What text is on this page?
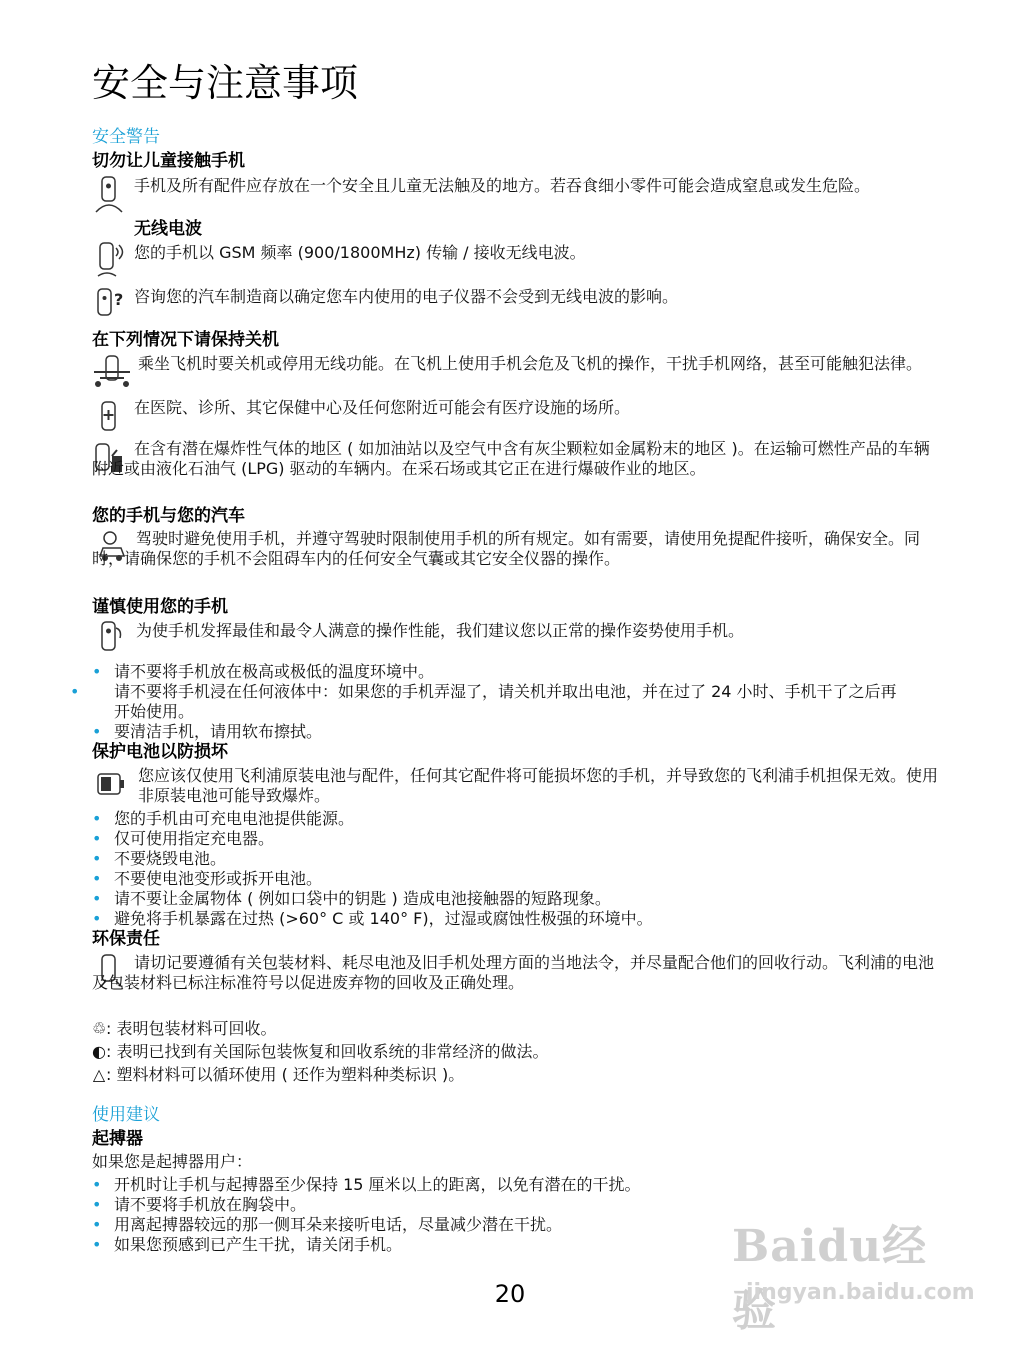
安全与注意事项
安全警告
切勿让儿童接触手机
手机及所有配件应存放在一个安全且儿童无法触及的地方。若吞食细小零件可能会造成窒息或发生危险。
无线电波
您的手机以 GSM 频率 (900/1800MHz) 传输 / 接收无线电波。
? 咨询您的汽车制造商以确定您车内使用的电子仪器不会受到无线电波的影响。
在下列情况下请保持关机
乘坐飞机时要关机或停用无线功能。在飞机上使用手机会危及飞机的操作，干扰手机网络，甚至可能触犯法律。
在医院、诊所、其它保健中心及任何您附近可能会有医疗设施的场所。
在含有潜在爆炸性气体的地区 ( 如加油站以及空气中含有灰尘颗粒如金属粉末的地区 )。在运输可燃性产品的车辆附近或由液化石油气 (LPG) 驱动的车辆内。在采石场或其它正在进行爆破作业的地区。
您的手机与您的汽车
驾驶时避免使用手机，并遵守驾驶时限制使用手机的所有规定。如有需要，请使用免提配件接听，确保安全。同时，请确保您的手机不会阻碍车内的任何安全气囊或其它安全仪器的操作。
谨慎使用您的手机
为使手机发挥最佳和最令人满意的操作性能，我们建议您以正常的操作姿势使用手机。
• 请不要将手机放在极高或极低的温度环境中。
• 请不要将手机浸在任何液体中：如果您的手机弄湿了，请关机并取出电池，并在过了 24 小时、手机干了之后再开始使用。
• 要清洁手机，请用软布擦拭。
保护电池以防损坏
您应该仅使用飞利浦原装电池与配件，任何其它配件将可能损坏您的手机，并导致您的飞利浦手机担保无效。使用非原装电池可能导致爆炸。
• 您的手机由可充电电池提供能源。
• 仅可使用指定充电器。
• 不要烧毁电池。
• 不要使电池变形或拆开电池。
• 请不要让金属物体 ( 例如口袋中的钥匙 ) 造成电池接触器的短路现象。
• 避免将手机暴露在过热 (>60° C 或 140° F)，过湿或腐蚀性极强的环境中。
环保责任
请切记要遵循有关包装材料、耗尽电池及旧手机处理方面的当地法令，并尽量配合他们的回收行动。飞利浦的电池及包装材料已标注标准符号以促进废弃物的回收及正确处理。
♲: 表明包装材料可回收。
◐: 表明已找到有关国际包装恢复和回收系统的非常经济的做法。
△: 塑料材料可以循环使用 ( 还作为塑料种类标识 )。
使用建议
起搏器
如果您是起搏器用户：
• 开机时让手机与起搏器至少保持 15 厘米以上的距离，以免有潜在的干扰。
• 请不要将手机放在胸袋中。
• 用离起搏器较远的那一侧耳朵来接听电话，尽量减少潜在干扰。
• 如果您预感到已产生干扰，请关闭手机。
20
Baidu经验
jingyan.baidu.com
